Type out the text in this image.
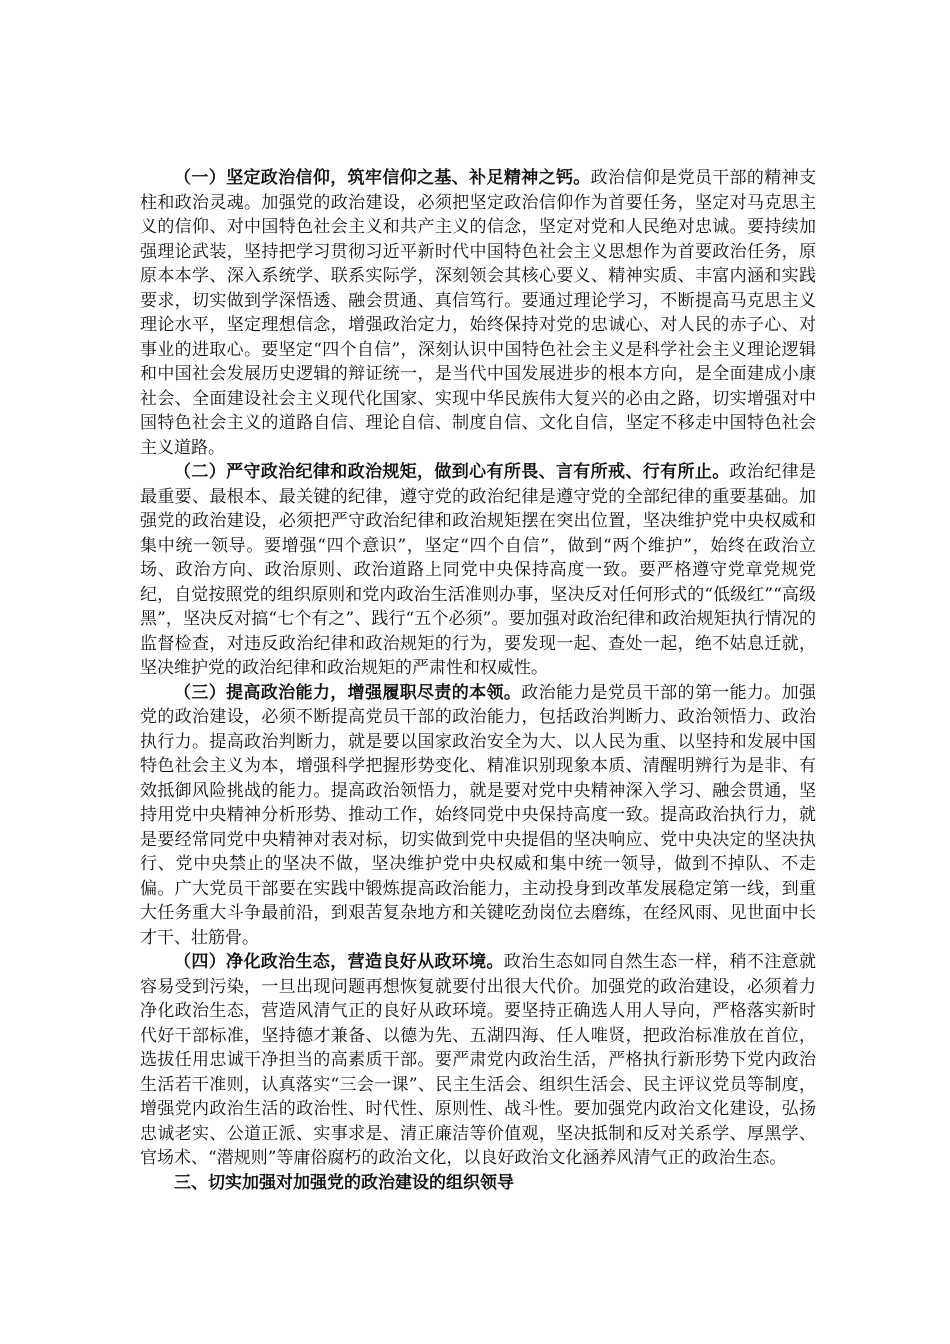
（一）坚定政治信仰，筑牢信仰之基、补足精神之钙。政治信仰是党员干部的精神支柱和政治灵魂。加强党的政治建设，必须把坚定政治信仰作为首要任务，坚定对马克思主义的信仰、对中国特色社会主义和共产主义的信念，坚定对党和人民绝对忠诚。要持续加强理论武装，坚持把学习贯彻习近平新时代中国特色社会主义思想作为首要政治任务，原原本本学、深入系统学、联系实际学，深刻领会其核心要义、精神实质、丰富内涵和实践要求，切实做到学深悟透、融会贯通、真信笃行。要通过理论学习，不断提高马克思主义理论水平，坚定理想信念，增强政治定力，始终保持对党的忠诚心、对人民的赤子心、对事业的进取心。要坚定“四个自信”，深刻认识中国特色社会主义是科学社会主义理论逻辑和中国社会发展历史逻辑的辩证统一，是当代中国发展进步的根本方向，是全面建成小康社会、全面建设社会主义现代化国家、实现中华民族伟大复兴的必由之路，切实增强对中国特色社会主义的道路自信、理论自信、制度自信、文化自信，坚定不移走中国特色社会主义道路。

（二）严守政治纪律和政治规矩，做到心有所畏、言有所戒、行有所止。政治纪律是最重要、最根本、最关键的纪律，遵守党的政治纪律是遵守党的全部纪律的重要基础。加强党的政治建设，必须把严守政治纪律和政治规矩摆在突出位置，坚决维护党中央权威和集中统一领导。要增强“四个意识”，坚定“四个自信”，做到“两个维护”，始终在政治立场、政治方向、政治原则、政治道路上同党中央保持高度一致。要严格遵守党章党规党纪，自觉按照党的组织原则和党内政治生活准则办事，坚决反对任何形式的“低级红”“高级黑”，坚决反对搞“七个有之”、践行“五个必须”。要加强对政治纪律和政治规矩执行情况的监督检查，对违反政治纪律和政治规矩的行为，要发现一起、查处一起，绝不姑息迁就，坚决维护党的政治纪律和政治规矩的严肃性和权威性。

（三）提高政治能力，增强履职尽责的本领。政治能力是党员干部的第一能力。加强党的政治建设，必须不断提高党员干部的政治能力，包括政治判断力、政治领悟力、政治执行力。提高政治判断力，就是要以国家政治安全为大、以人民为重、以坚持和发展中国特色社会主义为本，增强科学把握形势变化、精准识别现象本质、清醒明辨行为是非、有效抵御风险挑战的能力。提高政治领悟力，就是要对党中央精神深入学习、融会贯通，坚持用党中央精神分析形势、推动工作，始终同党中央保持高度一致。提高政治执行力，就是要经常同党中央精神对表对标，切实做到党中央提倡的坚决响应、党中央决定的坚决执行、党中央禁止的坚决不做，坚决维护党中央权威和集中统一领导，做到不掉队、不走偏。广大党员干部要在实践中锻炼提高政治能力，主动投身到改革发展稳定第一线，到重大任务重大斗争最前沿，到艰苦复杂地方和关键吃劲岗位去磨练，在经风雨、见世面中长才干、壮筋骨。

（四）净化政治生态，营造良好从政环境。政治生态如同自然生态一样，稍不注意就容易受到污染，一旦出现问题再想恢复就要付出很大代价。加强党的政治建设，必须着力净化政治生态，营造风清气正的良好从政环境。要坚持正确选人用人导向，严格落实新时代好干部标准，坚持德才兼备、以德为先、五湖四海、任人唯贤，把政治标准放在首位，选拔任用忠诚干净担当的高素质干部。要严肃党内政治生活，严格执行新形势下党内政治生活若干准则，认真落实“三会一课”、民主生活会、组织生活会、民主评议党员等制度，增强党内政治生活的政治性、时代性、原则性、战斗性。要加强党内政治文化建设，弘扬忠诚老实、公道正派、实事求是、清正廉洁等价值观，坚决抵制和反对关系学、厚黑学、官场术、“潜规则”等庸俗腐朽的政治文化，以良好政治文化涵养风清气正的政治生态。

三、切实加强对加强党的政治建设的组织领导
